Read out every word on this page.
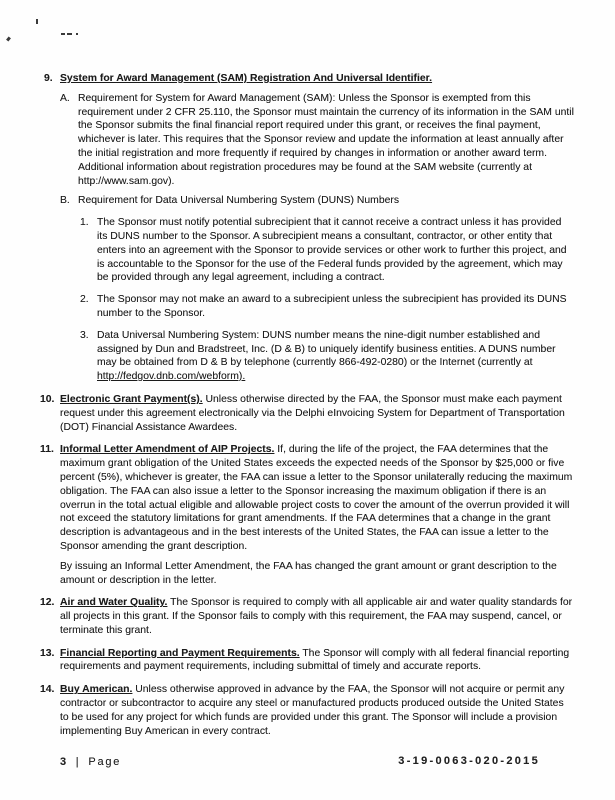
9. System for Award Management (SAM) Registration And Universal Identifier.
A. Requirement for System for Award Management (SAM): Unless the Sponsor is exempted from this requirement under 2 CFR 25.110, the Sponsor must maintain the currency of its information in the SAM until the Sponsor submits the final financial report required under this grant, or receives the final payment, whichever is later. This requires that the Sponsor review and update the information at least annually after the initial registration and more frequently if required by changes in information or another award term. Additional information about registration procedures may be found at the SAM website (currently at http://www.sam.gov).
B. Requirement for Data Universal Numbering System (DUNS) Numbers
1. The Sponsor must notify potential subrecipient that it cannot receive a contract unless it has provided its DUNS number to the Sponsor. A subrecipient means a consultant, contractor, or other entity that enters into an agreement with the Sponsor to provide services or other work to further this project, and is accountable to the Sponsor for the use of the Federal funds provided by the agreement, which may be provided through any legal agreement, including a contract.
2. The Sponsor may not make an award to a subrecipient unless the subrecipient has provided its DUNS number to the Sponsor.
3. Data Universal Numbering System: DUNS number means the nine-digit number established and assigned by Dun and Bradstreet, Inc. (D & B) to uniquely identify business entities. A DUNS number may be obtained from D & B by telephone (currently 866-492-0280) or the Internet (currently at http://fedgov.dnb.com/webform).
10. Electronic Grant Payment(s). Unless otherwise directed by the FAA, the Sponsor must make each payment request under this agreement electronically via the Delphi eInvoicing System for Department of Transportation (DOT) Financial Assistance Awardees.
11. Informal Letter Amendment of AIP Projects. If, during the life of the project, the FAA determines that the maximum grant obligation of the United States exceeds the expected needs of the Sponsor by $25,000 or five percent (5%), whichever is greater, the FAA can issue a letter to the Sponsor unilaterally reducing the maximum obligation. The FAA can also issue a letter to the Sponsor increasing the maximum obligation if there is an overrun in the total actual eligible and allowable project costs to cover the amount of the overrun provided it will not exceed the statutory limitations for grant amendments. If the FAA determines that a change in the grant description is advantageous and in the best interests of the United States, the FAA can issue a letter to the Sponsor amending the grant description.
By issuing an Informal Letter Amendment, the FAA has changed the grant amount or grant description to the amount or description in the letter.
12. Air and Water Quality. The Sponsor is required to comply with all applicable air and water quality standards for all projects in this grant. If the Sponsor fails to comply with this requirement, the FAA may suspend, cancel, or terminate this grant.
13. Financial Reporting and Payment Requirements. The Sponsor will comply with all federal financial reporting requirements and payment requirements, including submittal of timely and accurate reports.
14. Buy American. Unless otherwise approved in advance by the FAA, the Sponsor will not acquire or permit any contractor or subcontractor to acquire any steel or manufactured products produced outside the United States to be used for any project for which funds are provided under this grant. The Sponsor will include a provision implementing Buy American in every contract.
3 | Page	3-19-0063-020-2015
